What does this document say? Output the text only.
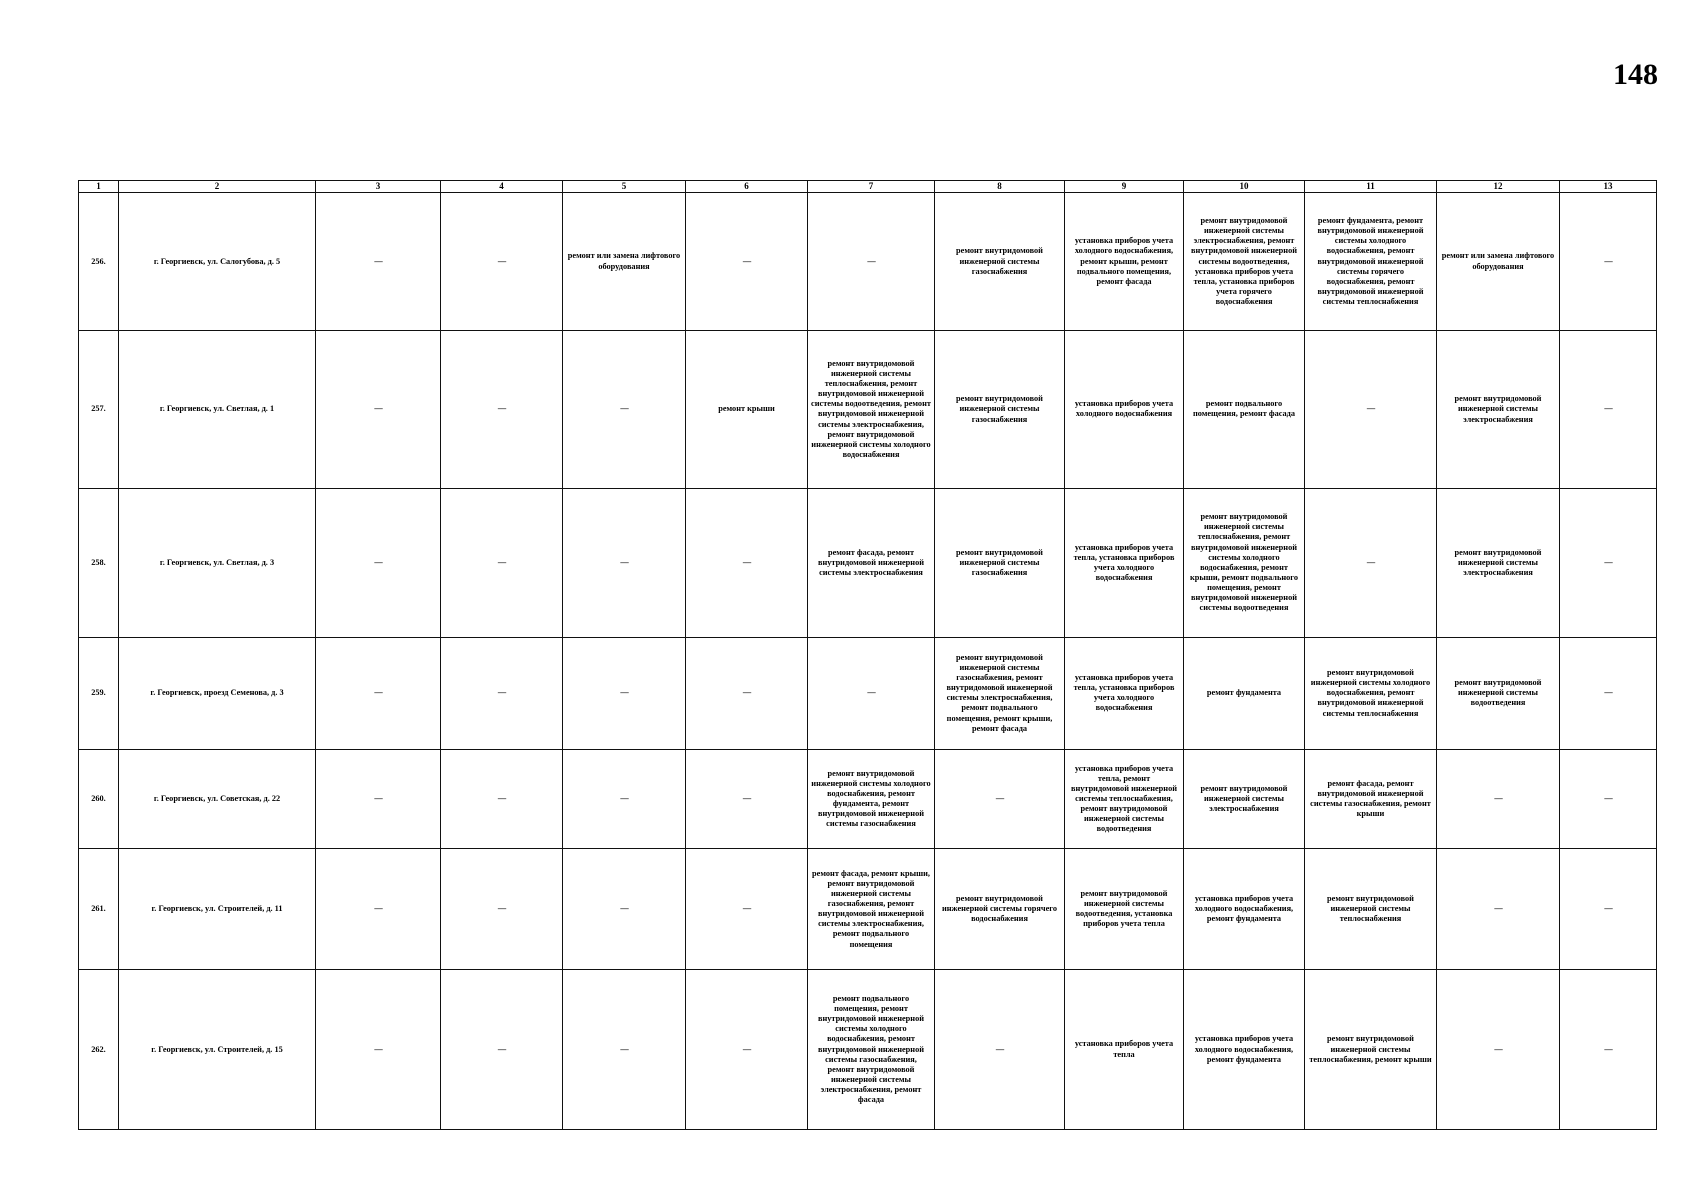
148
1	2	3	4	5	6	7	8	9	10	11	12	13
256.	г. Георгиевск, ул. Салогубова, д. 5	—	—	ремонт или замена лифтового оборудования	—	—	ремонт внутридомовой инженерной системы газоснабжения	установка приборов учета холодного водоснабжения, ремонт крыши, ремонт подвального помещения, ремонт фасада	ремонт внутридомовой инженерной системы электроснабжения, ремонт внутридомовой инженерной системы водоотведения, установка приборов учета тепла, установка приборов учета горячего водоснабжения	ремонт фундамента, ремонт внутридомовой инженерной системы холодного водоснабжения, ремонт внутридомовой инженерной системы горячего водоснабжения, ремонт внутридомовой инженерной системы теплоснабжения	ремонт или замена лифтового оборудования	—
257.	г. Георгиевск, ул. Светлая, д. 1	—	—	—	ремонт крыши	ремонт внутридомовой инженерной системы теплоснабжения, ремонт внутридомовой инженерной системы водоотведения, ремонт внутридомовой инженерной системы электроснабжения, ремонт внутридомовой инженерной системы холодного водоснабжения	ремонт внутридомовой инженерной системы газоснабжения	установка приборов учета холодного водоснабжения	ремонт подвального помещения, ремонт фасада	—	ремонт внутридомовой инженерной системы электроснабжения	—
258.	г. Георгиевск, ул. Светлая, д. 3	—	—	—	—	ремонт фасада, ремонт внутридомовой инженерной системы электроснабжения	ремонт внутридомовой инженерной системы газоснабжения	установка приборов учета тепла, установка приборов учета холодного водоснабжения	ремонт внутридомовой инженерной системы теплоснабжения, ремонт внутридомовой инженерной системы холодного водоснабжения, ремонт крыши, ремонт подвального помещения, ремонт внутридомовой инженерной системы водоотведения	—	ремонт внутридомовой инженерной системы электроснабжения	—
259.	г. Георгиевск, проезд Семенова, д. 3	—	—	—	—	—	ремонт внутридомовой инженерной системы газоснабжения, ремонт внутридомовой инженерной системы электроснабжения, ремонт подвального помещения, ремонт крыши, ремонт фасада	установка приборов учета тепла, установка приборов учета холодного водоснабжения	ремонт фундамента	ремонт внутридомовой инженерной системы холодного водоснабжения, ремонт внутридомовой инженерной системы теплоснабжения	ремонт внутридомовой инженерной системы водоотведения	—
260.	г. Георгиевск, ул. Советская, д. 22	—	—	—	—	ремонт внутридомовой инженерной системы холодного водоснабжения, ремонт фундамента, ремонт внутридомовой инженерной системы газоснабжения	—	установка приборов учета тепла, ремонт внутридомовой инженерной системы теплоснабжения, ремонт внутридомовой инженерной системы водоотведения	ремонт внутридомовой инженерной системы электроснабжения	ремонт фасада, ремонт внутридомовой инженерной системы газоснабжения, ремонт крыши	—	—
261.	г. Георгиевск, ул. Строителей, д. 11	—	—	—	—	ремонт фасада, ремонт крыши, ремонт внутридомовой инженерной системы газоснабжения, ремонт внутридомовой инженерной системы электроснабжения, ремонт подвального помещения	ремонт внутридомовой инженерной системы горячего водоснабжения	ремонт внутридомовой инженерной системы водоотведения, установка приборов учета тепла	установка приборов учета холодного водоснабжения, ремонт фундамента	ремонт внутридомовой инженерной системы теплоснабжения	—	—
262.	г. Георгиевск, ул. Строителей, д. 15	—	—	—	—	ремонт подвального помещения, ремонт внутридомовой инженерной системы холодного водоснабжения, ремонт внутридомовой инженерной системы газоснабжения, ремонт внутридомовой инженерной системы электроснабжения, ремонт фасада	—	установка приборов учета тепла	установка приборов учета холодного водоснабжения, ремонт фундамента	ремонт внутридомовой инженерной системы теплоснабжения, ремонт крыши	—	—
